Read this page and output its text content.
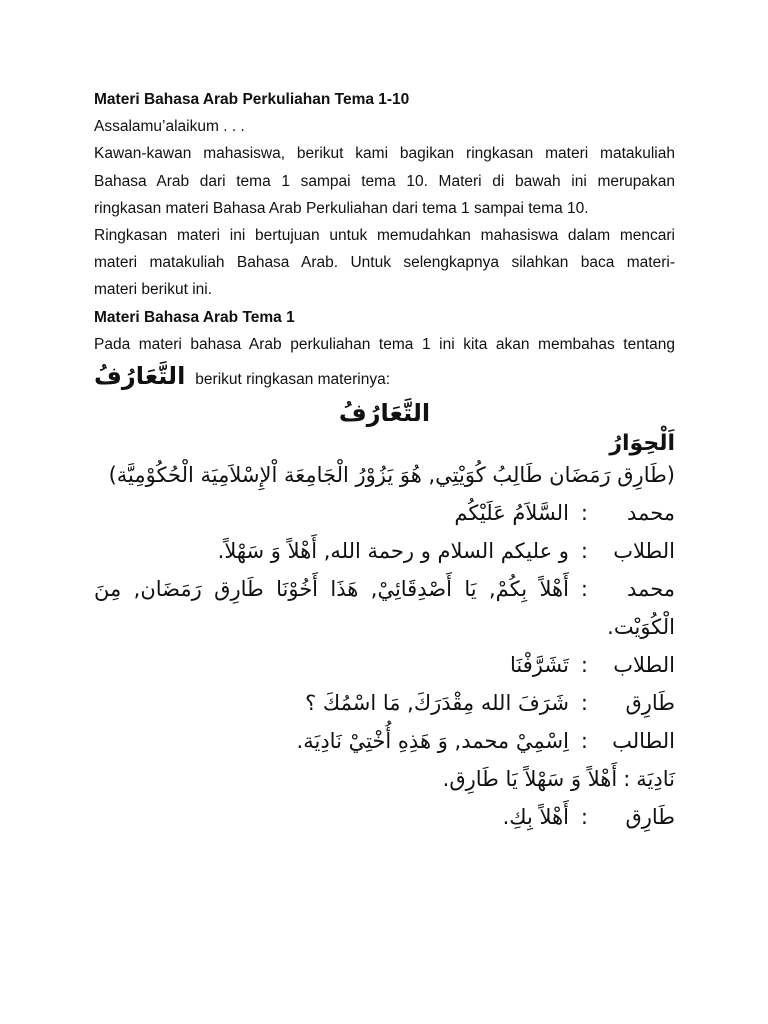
Materi Bahasa Arab Perkuliahan Tema 1-10

Assalamu’alaikum . . .

Kawan-kawan mahasiswa, berikut kami bagikan ringkasan materi matakuliah

Bahasa Arab dari tema 1 sampai tema 10. Materi di bawah ini merupakan

ringkasan materi Bahasa Arab Perkuliahan dari tema 1 sampai tema 10.

Ringkasan materi ini bertujuan untuk memudahkan mahasiswa dalam mencari

materi matakuliah Bahasa Arab. Untuk selengkapnya silahkan baca materi-

materi berikut ini.

Materi Bahasa Arab Tema 1

Pada materi bahasa Arab perkuliahan tema 1 ini kita akan membahas tentang

التَّعَارُفُ berikut ringkasan materinya:
التَّعَارُفُ
اَلْحِوَارُ

(طَارِق رَمَضَان طَالِبُ كُوَيْتِي, هُوَ يَزُوْرُ الْجَامِعَة اْلإِسْلاَمِيَة الْحُكُوْمِيَّة)

محمد
:
السَّلاَمُ عَلَيْكُم

الطلاب
:
و عليكم السلام و رحمة الله, أَهْلاً وَ سَهْلاً.

محمد:أَهْلاً بِكُمْ, يَا أَصْدِقَائِيْ, هَذَا أَخُوْنَا طَارِق رَمَضَان, مِنَ الْكُوَيْت.

الطلاب
:
تَشَرَّفْنَا

طَارِق
:
شَرَفَ الله مِقْدَرَكَ, مَا اسْمُكَ ؟

الطالب
:
اِسْمِيْ محمد, وَ هَذِهِ أُخْتِيْ نَادِيَة.

نَادِيَة
:
أَهْلاً وَ سَهْلاً يَا طَارِق.

طَارِق
:
أَهْلاً بِكِ.
